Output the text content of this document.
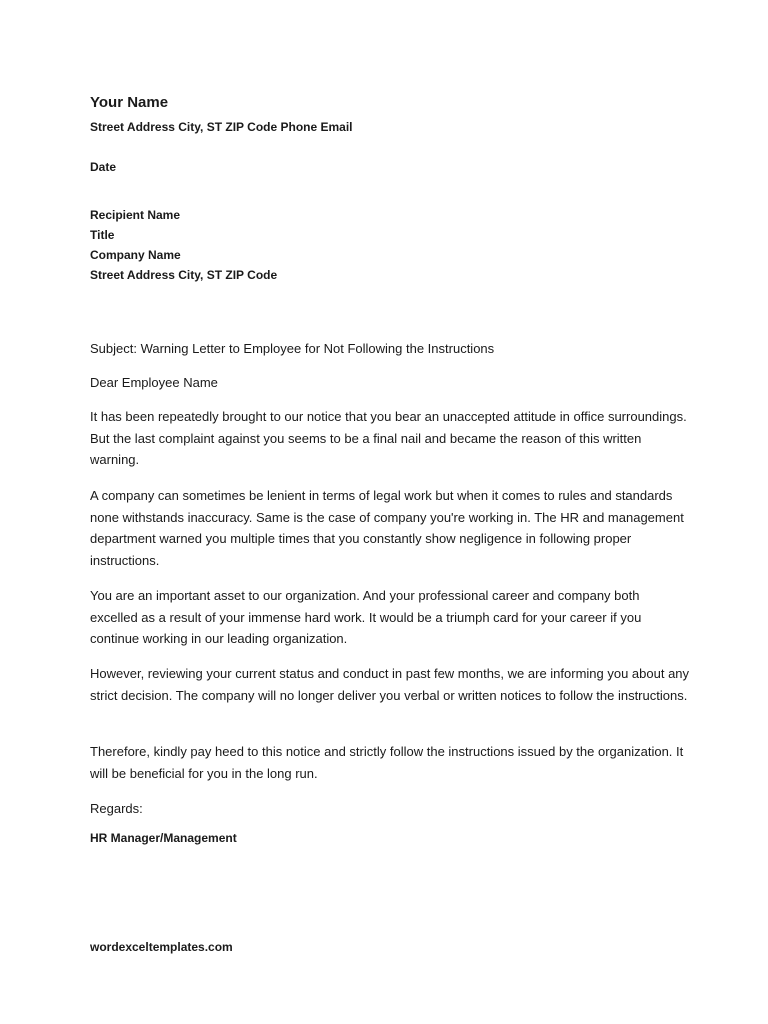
Your Name

Street Address City, ST ZIP Code Phone Email

Date

Recipient Name
Title
Company Name
Street Address City, ST ZIP Code

Subject: Warning Letter to Employee for Not Following the Instructions

Dear Employee Name

It has been repeatedly brought to our notice that you bear an unaccepted attitude in office surroundings. But the last complaint against you seems to be a final nail and became the reason of this written warning.

A company can sometimes be lenient in terms of legal work but when it comes to rules and standards none withstands inaccuracy. Same is the case of company you're working in. The HR and management department warned you multiple times that you constantly show negligence in following proper instructions.

You are an important asset to our organization. And your professional career and company both excelled as a result of your immense hard work. It would be a triumph card for your career if you continue working in our leading organization.

However, reviewing your current status and conduct in past few months, we are informing you about any strict decision. The company will no longer deliver you verbal or written notices to follow the instructions.

Therefore, kindly pay heed to this notice and strictly follow the instructions issued by the organization. It will be beneficial for you in the long run.

Regards:

HR Manager/Management

wordexceltemplates.com
